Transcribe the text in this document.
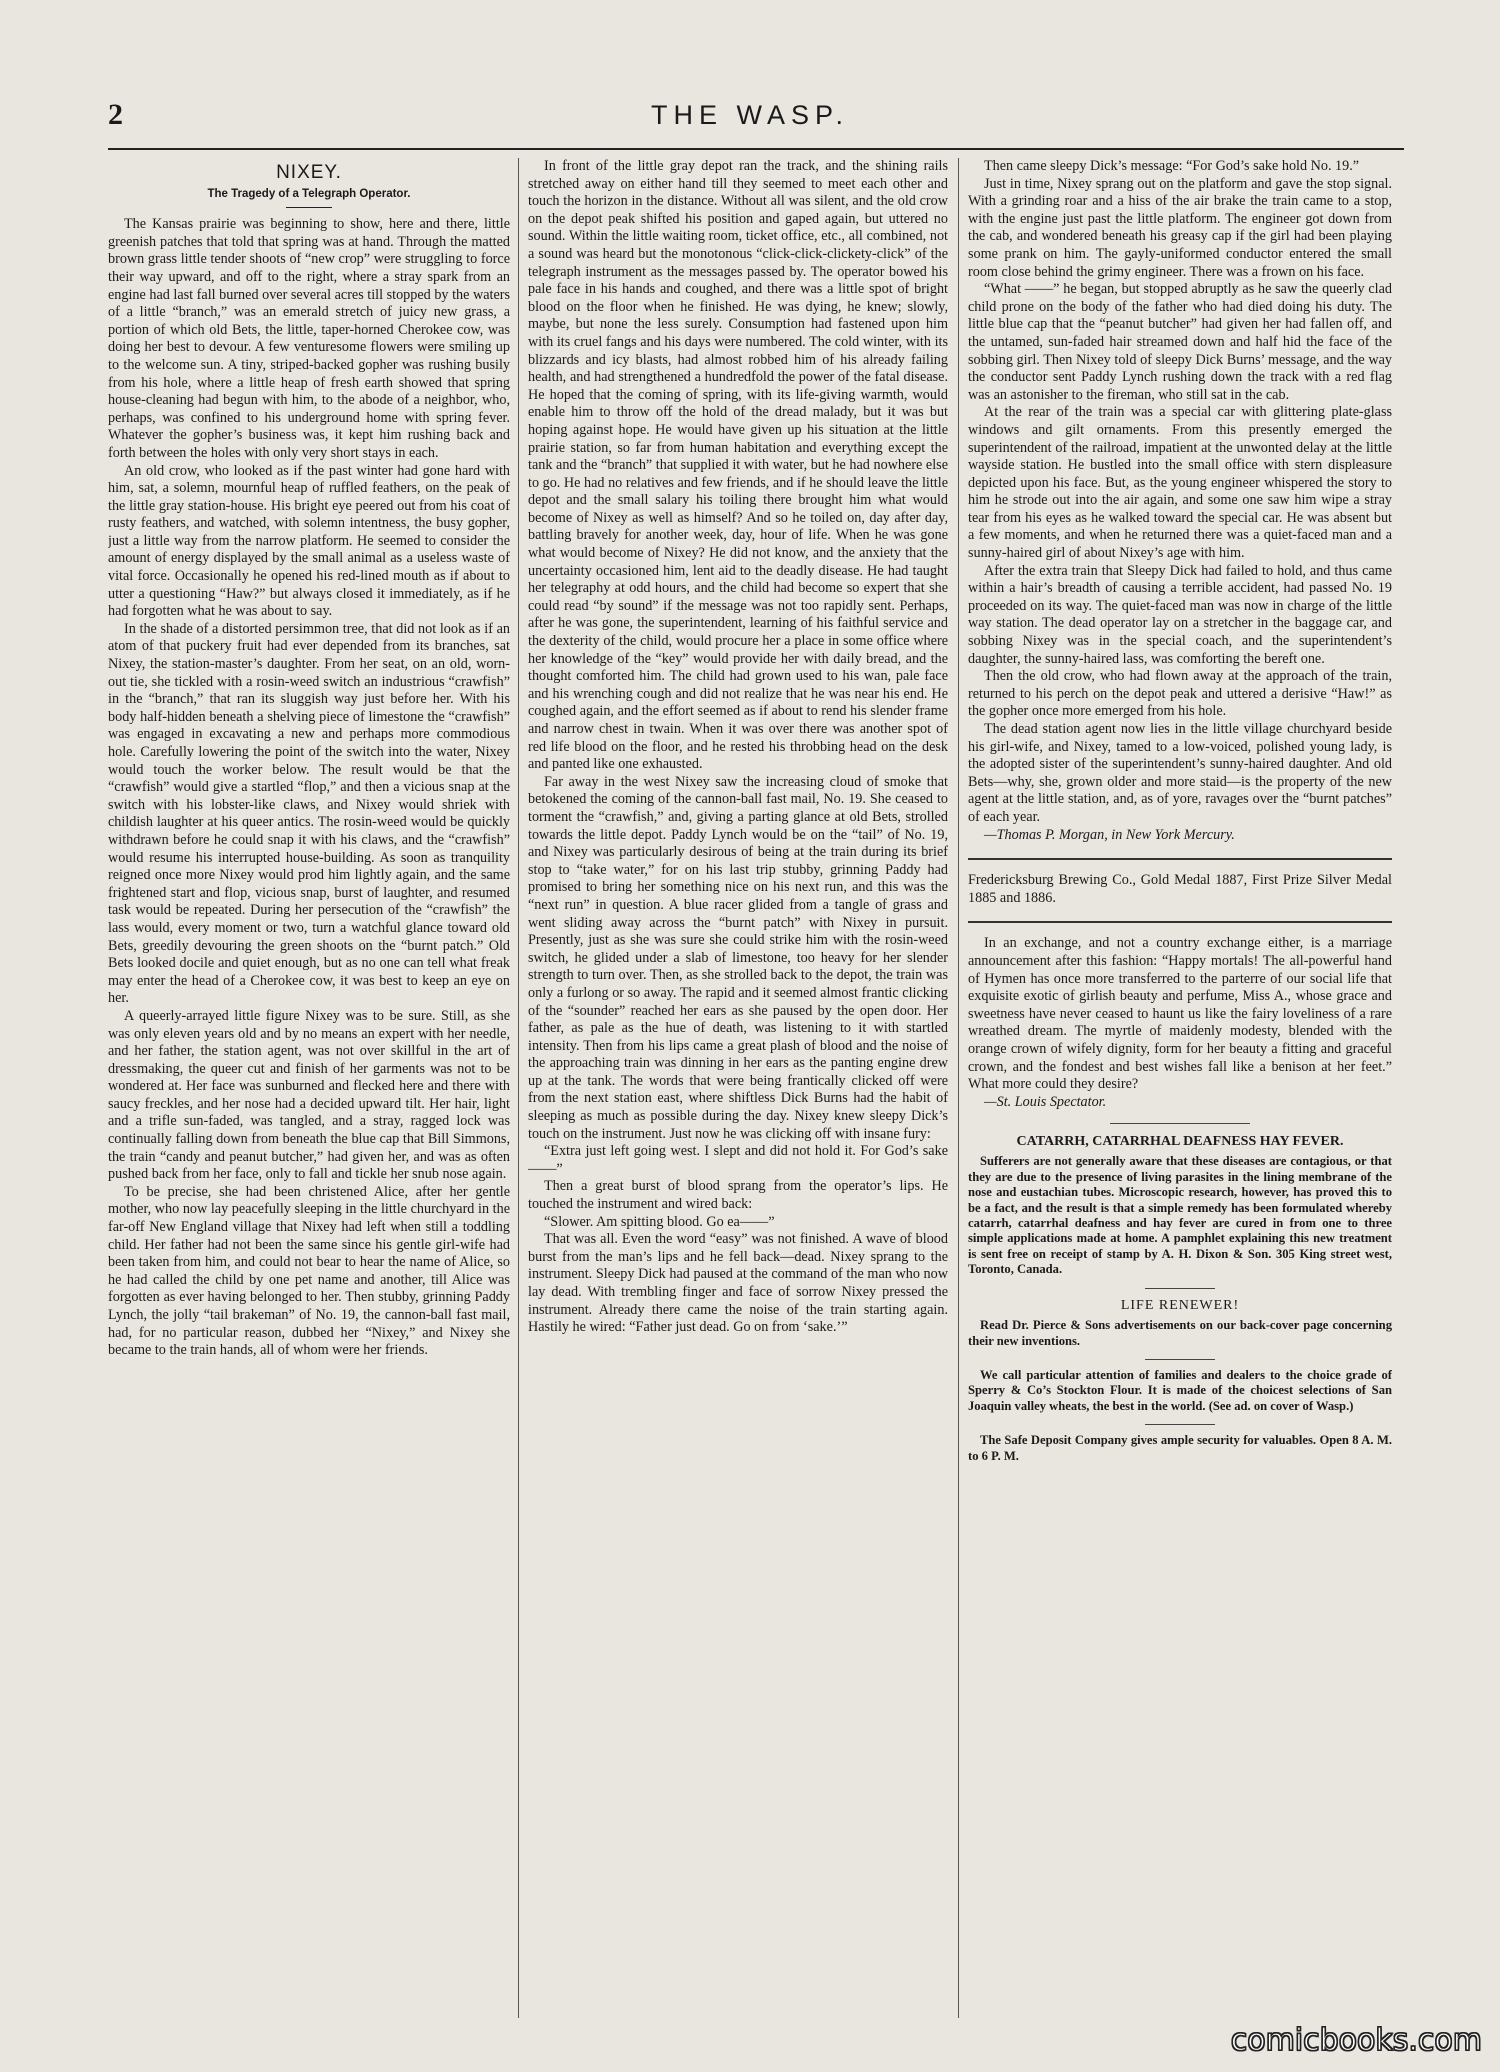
2	THE WASP.
NIXEY.
The Tragedy of a Telegraph Operator.

The Kansas prairie was beginning to show, here and there, little greenish patches that told that spring was at hand. Through the matted brown grass little tender shoots of “new crop” were struggling to force their way upward, and off to the right, where a stray spark from an engine had last fall burned over several acres till stopped by the waters of a little “branch,” was an emerald stretch of juicy new grass, a portion of which old Bets, the little, taper-horned Cherokee cow, was doing her best to devour. A few venturesome flowers were smiling up to the welcome sun. A tiny, striped-backed gopher was rushing busily from his hole, where a little heap of fresh earth showed that spring house-cleaning had begun with him, to the abode of a neighbor, who, perhaps, was confined to his underground home with spring fever. Whatever the gopher’s business was, it kept him rushing back and forth between the holes with only very short stays in each.

An old crow, who looked as if the past winter had gone hard with him, sat, a solemn, mournful heap of ruffled feathers, on the peak of the little gray station-house. His bright eye peered out from his coat of rusty feathers, and watched, with solemn intentness, the busy gopher, just a little way from the narrow platform. He seemed to consider the amount of energy displayed by the small animal as a useless waste of vital force. Occasionally he opened his red-lined mouth as if about to utter a questioning “Haw?” but always closed it immediately, as if he had forgotten what he was about to say.

In the shade of a distorted persimmon tree, that did not look as if an atom of that puckery fruit had ever depended from its branches, sat Nixey, the station-master’s daughter. From her seat, on an old, worn-out tie, she tickled with a rosin-weed switch an industrious “crawfish” in the “branch,” that ran its sluggish way just before her. With his body half-hidden beneath a shelving piece of limestone the “crawfish” was engaged in excavating a new and perhaps more commodious hole. Carefully lowering the point of the switch into the water, Nixey would touch the worker below. The result would be that the “crawfish” would give a startled “flop,” and then a vicious snap at the switch with his lobster-like claws, and Nixey would shriek with childish laughter at his queer antics. The rosin-weed would be quickly withdrawn before he could snap it with his claws, and the “crawfish” would resume his interrupted house-building. As soon as tranquility reigned once more Nixey would prod him lightly again, and the same frightened start and flop, vicious snap, burst of laughter, and resumed task would be repeated. During her persecution of the “crawfish” the lass would, every moment or two, turn a watchful glance toward old Bets, greedily devouring the green shoots on the “burnt patch.” Old Bets looked docile and quiet enough, but as no one can tell what freak may enter the head of a Cherokee cow, it was best to keep an eye on her.

A queerly-arrayed little figure Nixey was to be sure. Still, as she was only eleven years old and by no means an expert with her needle, and her father, the station agent, was not over skillful in the art of dressmaking, the queer cut and finish of her garments was not to be wondered at. Her face was sunburned and flecked here and there with saucy freckles, and her nose had a decided upward tilt. Her hair, light and a trifle sun-faded, was tangled, and a stray, ragged lock was continually falling down from beneath the blue cap that Bill Simmons, the train “candy and peanut butcher,” had given her, and was as often pushed back from her face, only to fall and tickle her snub nose again.

To be precise, she had been christened Alice, after her gentle mother, who now lay peacefully sleeping in the little churchyard in the far-off New England village that Nixey had left when still a toddling child. Her father had not been the same since his gentle girl-wife had been taken from him, and could not bear to hear the name of Alice, so he had called the child by one pet name and another, till Alice was forgotten as ever having belonged to her. Then stubby, grinning Paddy Lynch, the jolly “tail brakeman” of No. 19, the cannon-ball fast mail, had, for no particular reason, dubbed her “Nixey,” and Nixey she became to the train hands, all of whom were her friends.

In front of the little gray depot ran the track, and the shining rails stretched away on either hand till they seemed to meet each other and touch the horizon in the distance. Without all was silent, and the old crow on the depot peak shifted his position and gaped again, but uttered no sound. Within the little waiting room, ticket office, etc., all combined, not a sound was heard but the monotonous “click-click-clickety-click” of the telegraph instrument as the messages passed by. The operator bowed his pale face in his hands and coughed, and there was a little spot of bright blood on the floor when he finished. He was dying, he knew; slowly, maybe, but none the less surely. Consumption had fastened upon him with its cruel fangs and his days were numbered. The cold winter, with its blizzards and icy blasts, had almost robbed him of his already failing health, and had strengthened a hundredfold the power of the fatal disease. He hoped that the coming of spring, with its life-giving warmth, would enable him to throw off the hold of the dread malady, but it was but hoping against hope. He would have given up his situation at the little prairie station, so far from human habitation and everything except the tank and the “branch” that supplied it with water, but he had nowhere else to go. He had no relatives and few friends, and if he should leave the little depot and the small salary his toiling there brought him what would become of Nixey as well as himself? And so he toiled on, day after day, battling bravely for another week, day, hour of life. When he was gone what would become of Nixey? He did not know, and the anxiety that the uncertainty occasioned him, lent aid to the deadly disease. He had taught her telegraphy at odd hours, and the child had become so expert that she could read “by sound” if the message was not too rapidly sent. Perhaps, after he was gone, the superintendent, learning of his faithful service and the dexterity of the child, would procure her a place in some office where her knowledge of the “key” would provide her with daily bread, and the thought comforted him. The child had grown used to his wan, pale face and his wrenching cough and did not realize that he was near his end. He coughed again, and the effort seemed as if about to rend his slender frame and narrow chest in twain. When it was over there was another spot of red life blood on the floor, and he rested his throbbing head on the desk and panted like one exhausted.

Far away in the west Nixey saw the increasing cloud of smoke that betokened the coming of the cannon-ball fast mail, No. 19. She ceased to torment the “crawfish,” and, giving a parting glance at old Bets, strolled towards the little depot. Paddy Lynch would be on the “tail” of No. 19, and Nixey was particularly desirous of being at the train during its brief stop to “take water,” for on his last trip stubby, grinning Paddy had promised to bring her something nice on his next run, and this was the “next run” in question. A blue racer glided from a tangle of grass and went sliding away across the “burnt patch” with Nixey in pursuit. Presently, just as she was sure she could strike him with the rosin-weed switch, he glided under a slab of limestone, too heavy for her slender strength to turn over. Then, as she strolled back to the depot, the train was only a furlong or so away. The rapid and it seemed almost frantic clicking of the “sounder” reached her ears as she paused by the open door. Her father, as pale as the hue of death, was listening to it with startled intensity. Then from his lips came a great plash of blood and the noise of the approaching train was dinning in her ears as the panting engine drew up at the tank. The words that were being frantically clicked off were from the next station east, where shiftless Dick Burns had the habit of sleeping as much as possible during the day. Nixey knew sleepy Dick’s touch on the instrument. Just now he was clicking off with insane fury:

“Extra just left going west. I slept and did not hold it. For God’s sake ——”

Then a great burst of blood sprang from the operator’s lips. He touched the instrument and wired back:

“Slower. Am spitting blood. Go ea——”

That was all. Even the word “easy” was not finished. A wave of blood burst from the man’s lips and he fell back—dead. Nixey sprang to the instrument. Sleepy Dick had paused at the command of the man who now lay dead. With trembling finger and face of sorrow Nixey pressed the instrument. Already there came the noise of the train starting again. Hastily he wired: “Father just dead. Go on from ‘sake.’”

Then came sleepy Dick’s message: “For God’s sake hold No. 19.”

Just in time, Nixey sprang out on the platform and gave the stop signal. With a grinding roar and a hiss of the air brake the train came to a stop, with the engine just past the little platform. The engineer got down from the cab, and wondered beneath his greasy cap if the girl had been playing some prank on him. The gayly-uniformed conductor entered the small room close behind the grimy engineer. There was a frown on his face.

“What ——” he began, but stopped abruptly as he saw the queerly clad child prone on the body of the father who had died doing his duty. The little blue cap that the “peanut butcher” had given her had fallen off, and the untamed, sun-faded hair streamed down and half hid the face of the sobbing girl. Then Nixey told of sleepy Dick Burns’ message, and the way the conductor sent Paddy Lynch rushing down the track with a red flag was an astonisher to the fireman, who still sat in the cab.

At the rear of the train was a special car with glittering plate-glass windows and gilt ornaments. From this presently emerged the superintendent of the railroad, impatient at the unwonted delay at the little wayside station. He bustled into the small office with stern displeasure depicted upon his face. But, as the young engineer whispered the story to him he strode out into the air again, and some one saw him wipe a stray tear from his eyes as he walked toward the special car. He was absent but a few moments, and when he returned there was a quiet-faced man and a sunny-haired girl of about Nixey’s age with him.

After the extra train that Sleepy Dick had failed to hold, and thus came within a hair’s breadth of causing a terrible accident, had passed No. 19 proceeded on its way. The quiet-faced man was now in charge of the little way station. The dead operator lay on a stretcher in the baggage car, and sobbing Nixey was in the special coach, and the superintendent’s daughter, the sunny-haired lass, was comforting the bereft one.

Then the old crow, who had flown away at the approach of the train, returned to his perch on the depot peak and uttered a derisive “Haw!” as the gopher once more emerged from his hole.

The dead station agent now lies in the little village churchyard beside his girl-wife, and Nixey, tamed to a low-voiced, polished young lady, is the adopted sister of the superintendent’s sunny-haired daughter. And old Bets—why, she, grown older and more staid—is the property of the new agent at the little station, and, as of yore, ravages over the “burnt patches” of each year.

—Thomas P. Morgan, in New York Mercury.

Fredericksburg Brewing Co., Gold Medal 1887, First Prize Silver Medal 1885 and 1886.

In an exchange, and not a country exchange either, is a marriage announcement after this fashion: “Happy mortals! The all-powerful hand of Hymen has once more transferred to the parterre of our social life that exquisite exotic of girlish beauty and perfume, Miss A., whose grace and sweetness have never ceased to haunt us like the fairy loveliness of a rare wreathed dream. The myrtle of maidenly modesty, blended with the orange crown of wifely dignity, form for her beauty a fitting and graceful crown, and the fondest and best wishes fall like a benison at her feet.” What more could they desire?

—St. Louis Spectator.

CATARRH, CATARRHAL DEAFNESS HAY FEVER.

Sufferers are not generally aware that these diseases are contagious, or that they are due to the presence of living parasites in the lining membrane of the nose and eustachian tubes. Microscopic research, however, has proved this to be a fact, and the result is that a simple remedy has been formulated whereby catarrh, catarrhal deafness and hay fever are cured in from one to three simple applications made at home. A pamphlet explaining this new treatment is sent free on receipt of stamp by A. H. Dixon & Son. 305 King street west, Toronto, Canada.

LIFE RENEWER!

Read Dr. Pierce & Sons advertisements on our back-cover page concerning their new inventions.

We call particular attention of families and dealers to the choice grade of Sperry & Co’s Stockton Flour. It is made of the choicest selections of San Joaquin valley wheats, the best in the world. (See ad. on cover of Wasp.)

The Safe Deposit Company gives ample security for valuables. Open 8 A. M. to 6 P. M.

comicbooks.com
